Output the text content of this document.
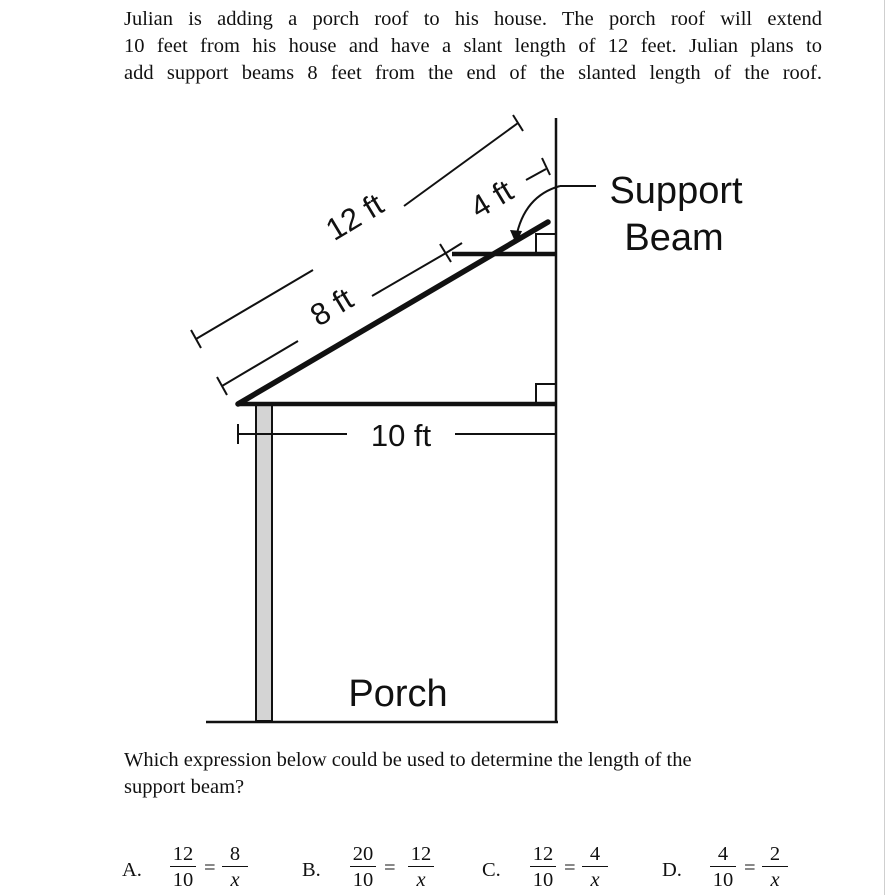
Julian is adding a porch roof to his house. The porch roof will extend
10 feet from his house and have a slant length of 12 feet. Julian plans to
add support beams 8 feet from the end of the slanted length of the roof.
12 ft
8 ft
4 ft
10 ft
Support
Beam
Porch
Which expression below could be used to determine the length of the
support beam?
A.
12
10
=
8
x	B.
20
10
=
12
x	C.
12
10
=
4
x	D.
4
10
=
2
x
